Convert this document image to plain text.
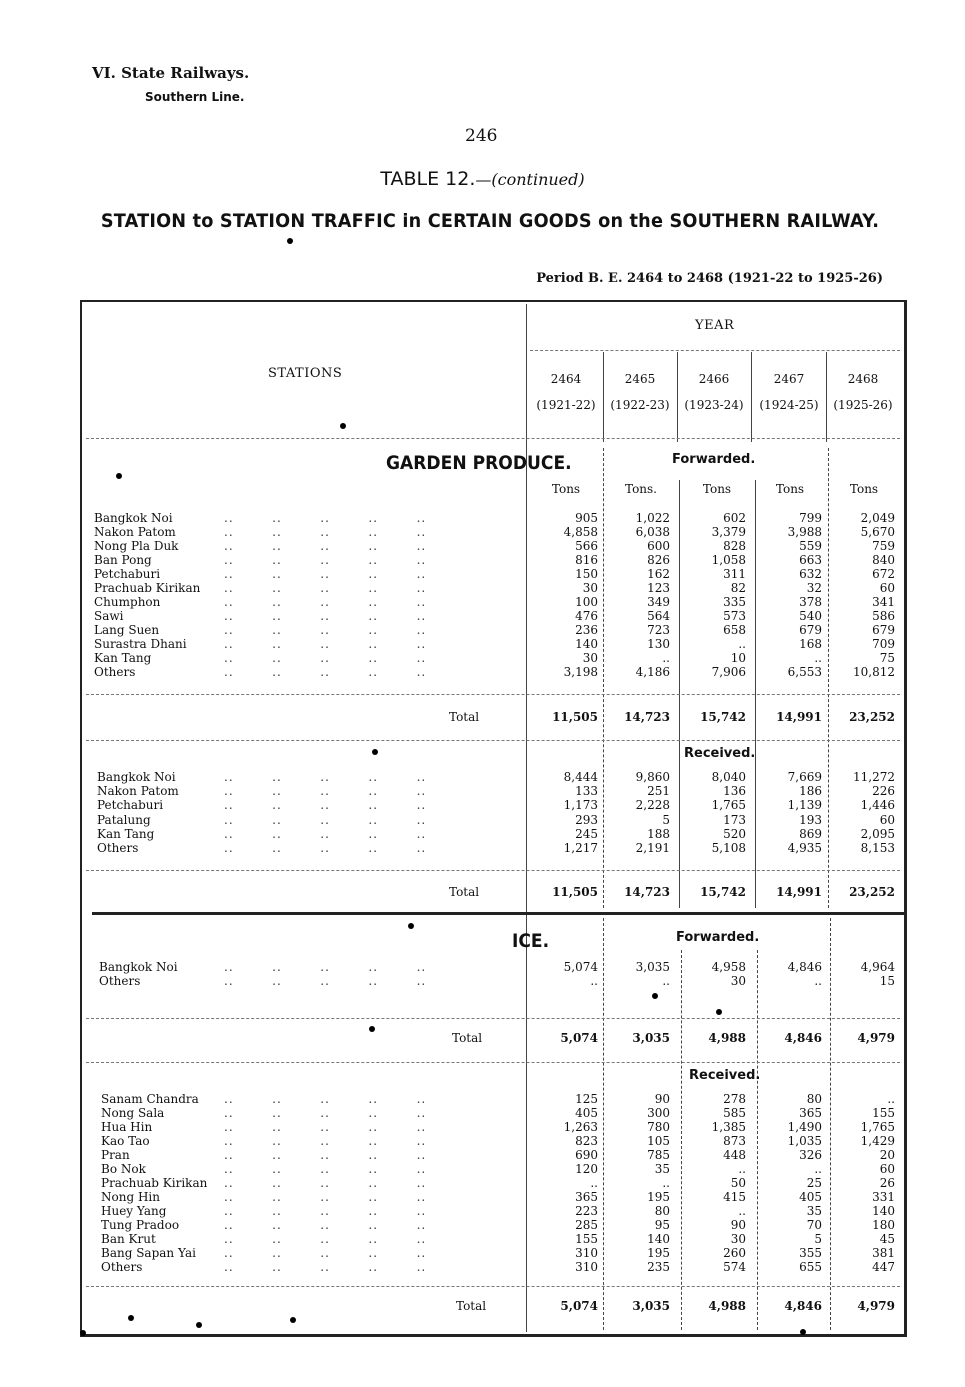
VI. State Railways.
Southern Line.
246
TABLE 12.—(continued)
STATION to STATION TRAFFIC in CERTAIN GOODS on the SOUTHERN RAILWAY.
Period B. E. 2464 to 2468 (1921-22 to 1925-26)
STATIONS
YEAR
2464
(1921-22)
2465
(1922-23)
2466
(1923-24)
2467
(1924-25)
2468
(1925-26)
GARDEN PRODUCE.	Forwarded.
Tons	Tons.	Tons	Tons	Tons
Bangkok Noi	..        ..        ..        ..        ..	905	1,022	602	799	2,049
Nakon Patom	..        ..        ..        ..        ..	4,858	6,038	3,379	3,988	5,670
Nong Pla Duk	..        ..        ..        ..        ..	566	600	828	559	759
Ban Pong	..        ..        ..        ..        ..	816	826	1,058	663	840
Petchaburi	..        ..        ..        ..        ..	150	162	311	632	672
Prachuab Kirikan ..        ..        ..        ..        ..	30	123	82	32	60
Chumphon	..        ..        ..        ..        ..	100	349	335	378	341
Sawi	..        ..        ..        ..        ..	476	564	573	540	586
Lang Suen	..        ..        ..        ..        ..	236	723	658	679	679
Surastra Dhani	..        ..        ..        ..        ..	140	130	..	168	709
Kan Tang	..        ..        ..        ..        ..	30	..	10	..	75
Others	..        ..        ..        ..        ..	3,198	4,186	7,906	6,553	10,812
Total	11,505	14,723	15,742	14,991	23,252
Received.
Bangkok Noi	..        ..        ..        ..        ..	8,444	9,860	8,040	7,669	11,272
Nakon Patom	..        ..        ..        ..        ..	133	251	136	186	226
Petchaburi	..        ..        ..        ..        ..	1,173	2,228	1,765	1,139	1,446
Patalung	..        ..        ..        ..        ..	293	5	173	193	60
Kan Tang	..        ..        ..        ..        ..	245	188	520	869	2,095
Others	..        ..        ..        ..        ..	1,217	2,191	5,108	4,935	8,153
Total	11,505	14,723	15,742	14,991	23,252
ICE.	Forwarded.
Bangkok Noi	..        ..        ..        ..        ..	5,074	3,035	4,958	4,846	4,964
Others	..        ..        ..        ..        ..	..	..	30	..	15
Total	5,074	3,035	4,988	4,846	4,979
Received.
Sanam Chandra ..        ..        ..        ..        ..	125	90	278	80	..
Nong Sala	..        ..        ..        ..        ..	405	300	585	365	155
Hua Hin	..        ..        ..        ..        ..	1,263	780	1,385	1,490	1,765
Kao Tao	..        ..        ..        ..        ..	823	105	873	1,035	1,429
Pran	..        ..        ..        ..        ..	690	785	448	326	20
Bo Nok	..        ..        ..        ..        ..	120	35	..	..	60
Prachuab Kirikan ..        ..        ..        ..        ..	..	..	50	25	26
Nong Hin	..        ..        ..        ..        ..	365	195	415	405	331
Huey Yang	..        ..        ..        ..        ..	223	80	..	35	140
Tung Pradoo	..        ..        ..        ..        ..	285	95	90	70	180
Ban Krut	..        ..        ..        ..        ..	155	140	30	5	45
Bang Sapan Yai ..        ..        ..        ..        ..	310	195	260	355	381
Others	..        ..        ..        ..        ..	310	235	574	655	447
Total	5,074	3,035	4,988	4,846	4,979
